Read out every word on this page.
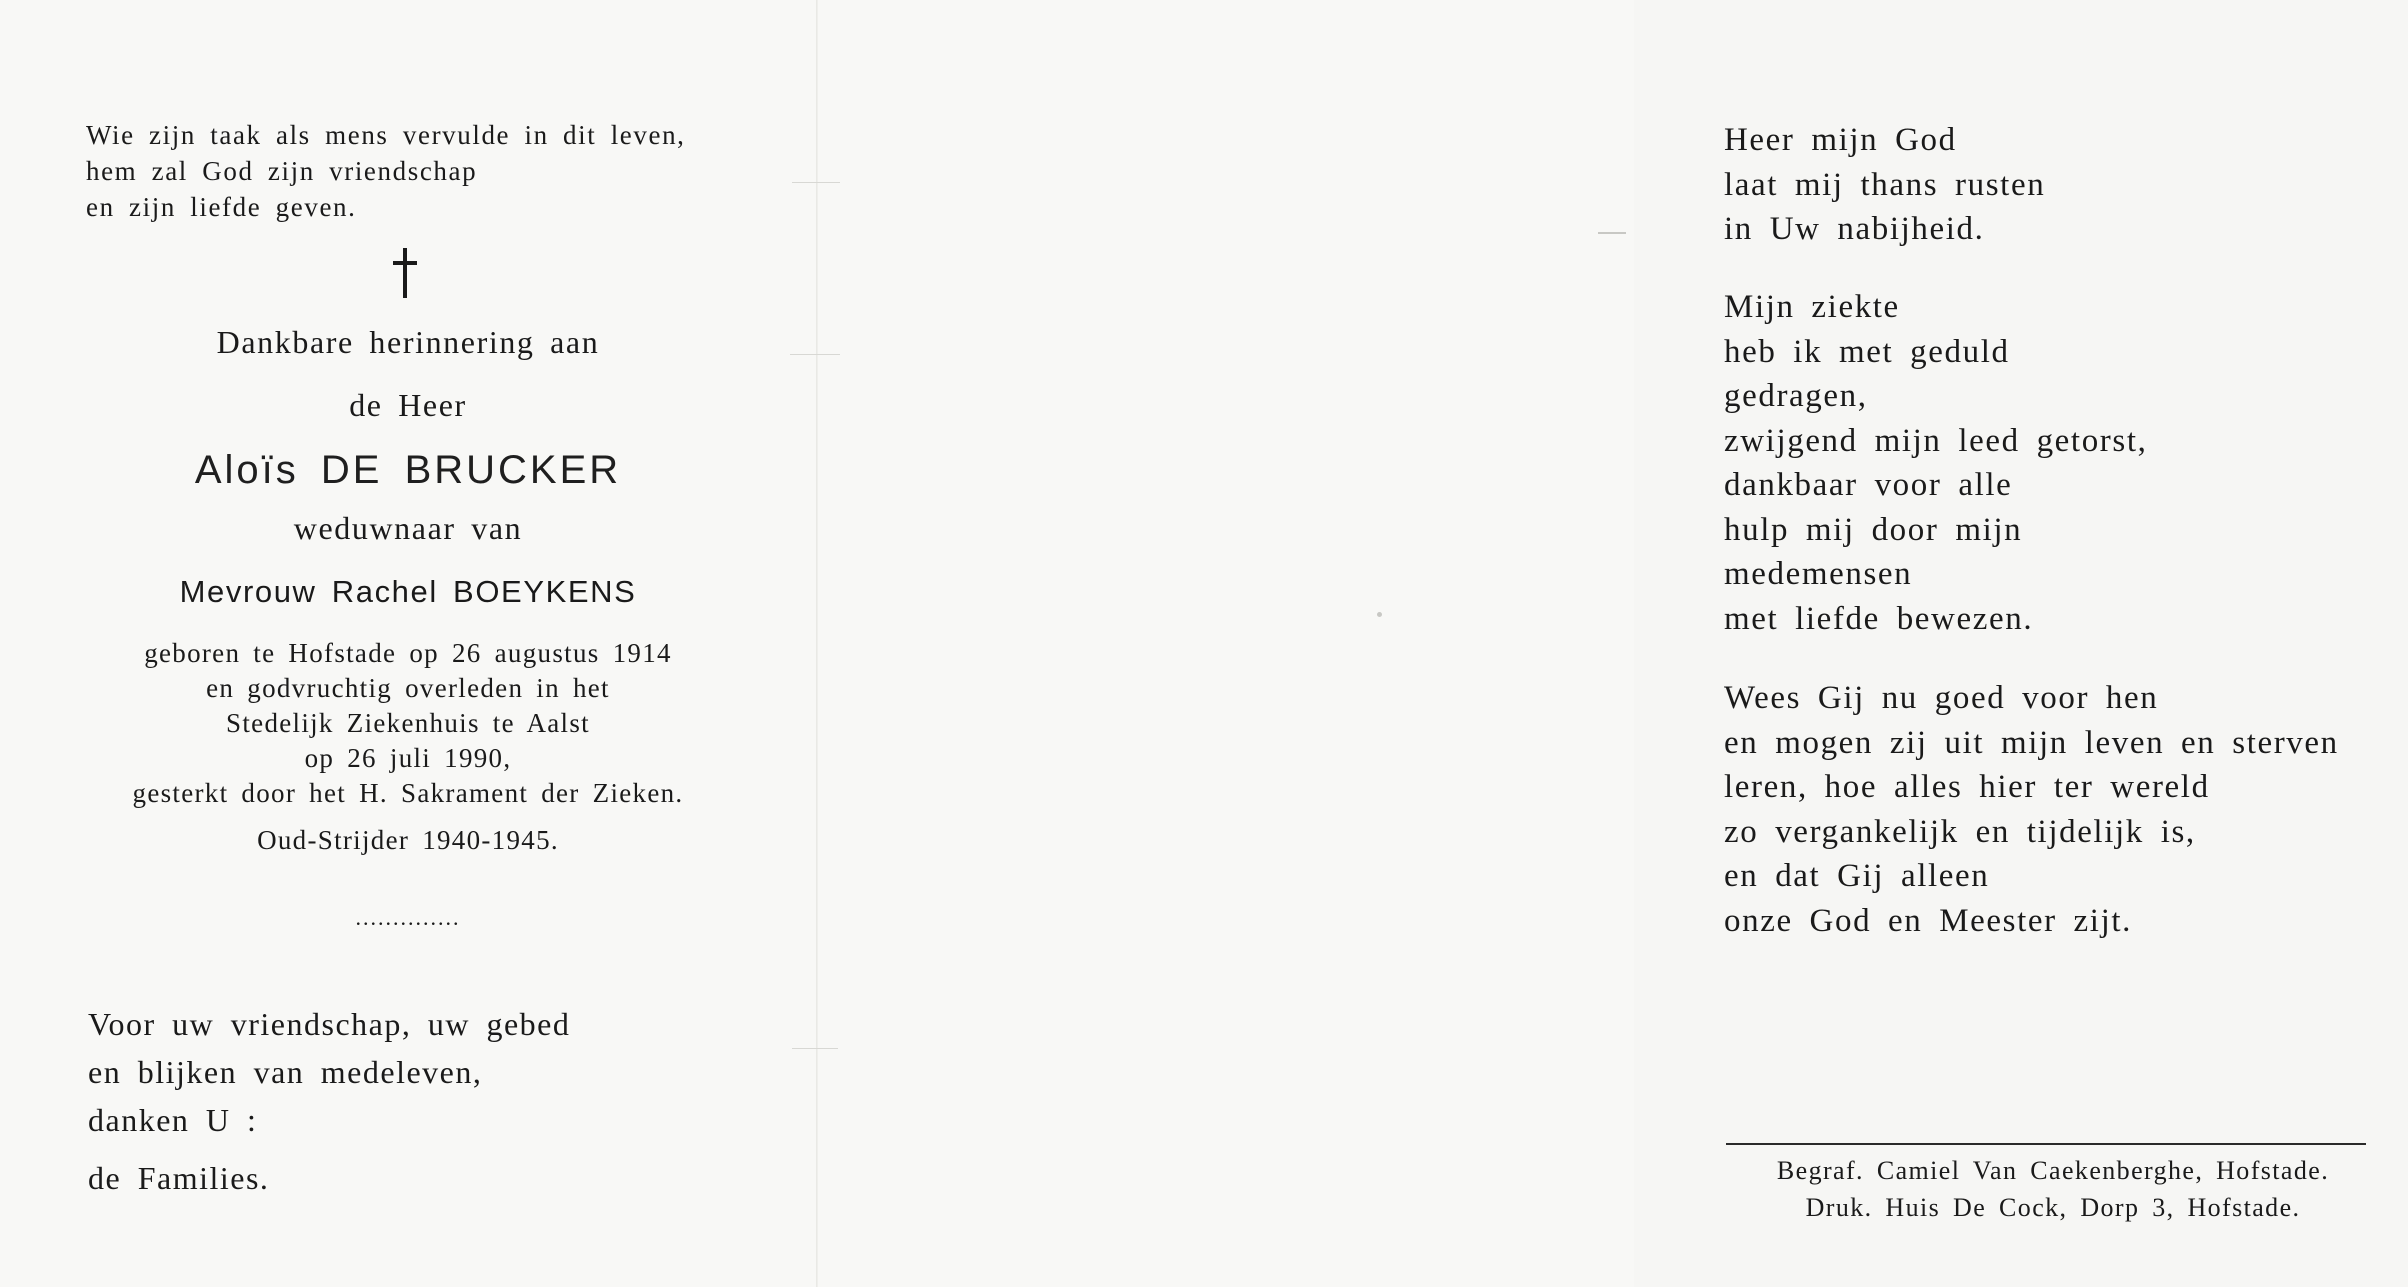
Wie zijn taak als mens vervulde in dit leven,
hem zal God zijn vriendschap
en zijn liefde geven.
Dankbare herinnering aan
de Heer
Aloïs DE BRUCKER
weduwnaar van
Mevrouw Rachel BOEYKENS
geboren te Hofstade op 26 augustus 1914
en godvruchtig overleden in het
Stedelijk Ziekenhuis te Aalst
op 26 juli 1990,
gesterkt door het H. Sakrament der Zieken.
Oud-Strijder 1940-1945.
..............
Voor uw vriendschap, uw gebed
en blijken van medeleven,
danken U :
de Families.
Heer mijn God
laat mij thans rusten
in Uw nabijheid.
Mijn ziekte
heb ik met geduld
gedragen,
zwijgend mijn leed getorst,
dankbaar voor alle
hulp mij door mijn
medemensen
met liefde bewezen.
Wees Gij nu goed voor hen
en mogen zij uit mijn leven en sterven
leren, hoe alles hier ter wereld
zo vergankelijk en tijdelijk is,
en dat Gij alleen
onze God en Meester zijt.
Begraf. Camiel Van Caekenberghe, Hofstade.
Druk. Huis De Cock, Dorp 3, Hofstade.
